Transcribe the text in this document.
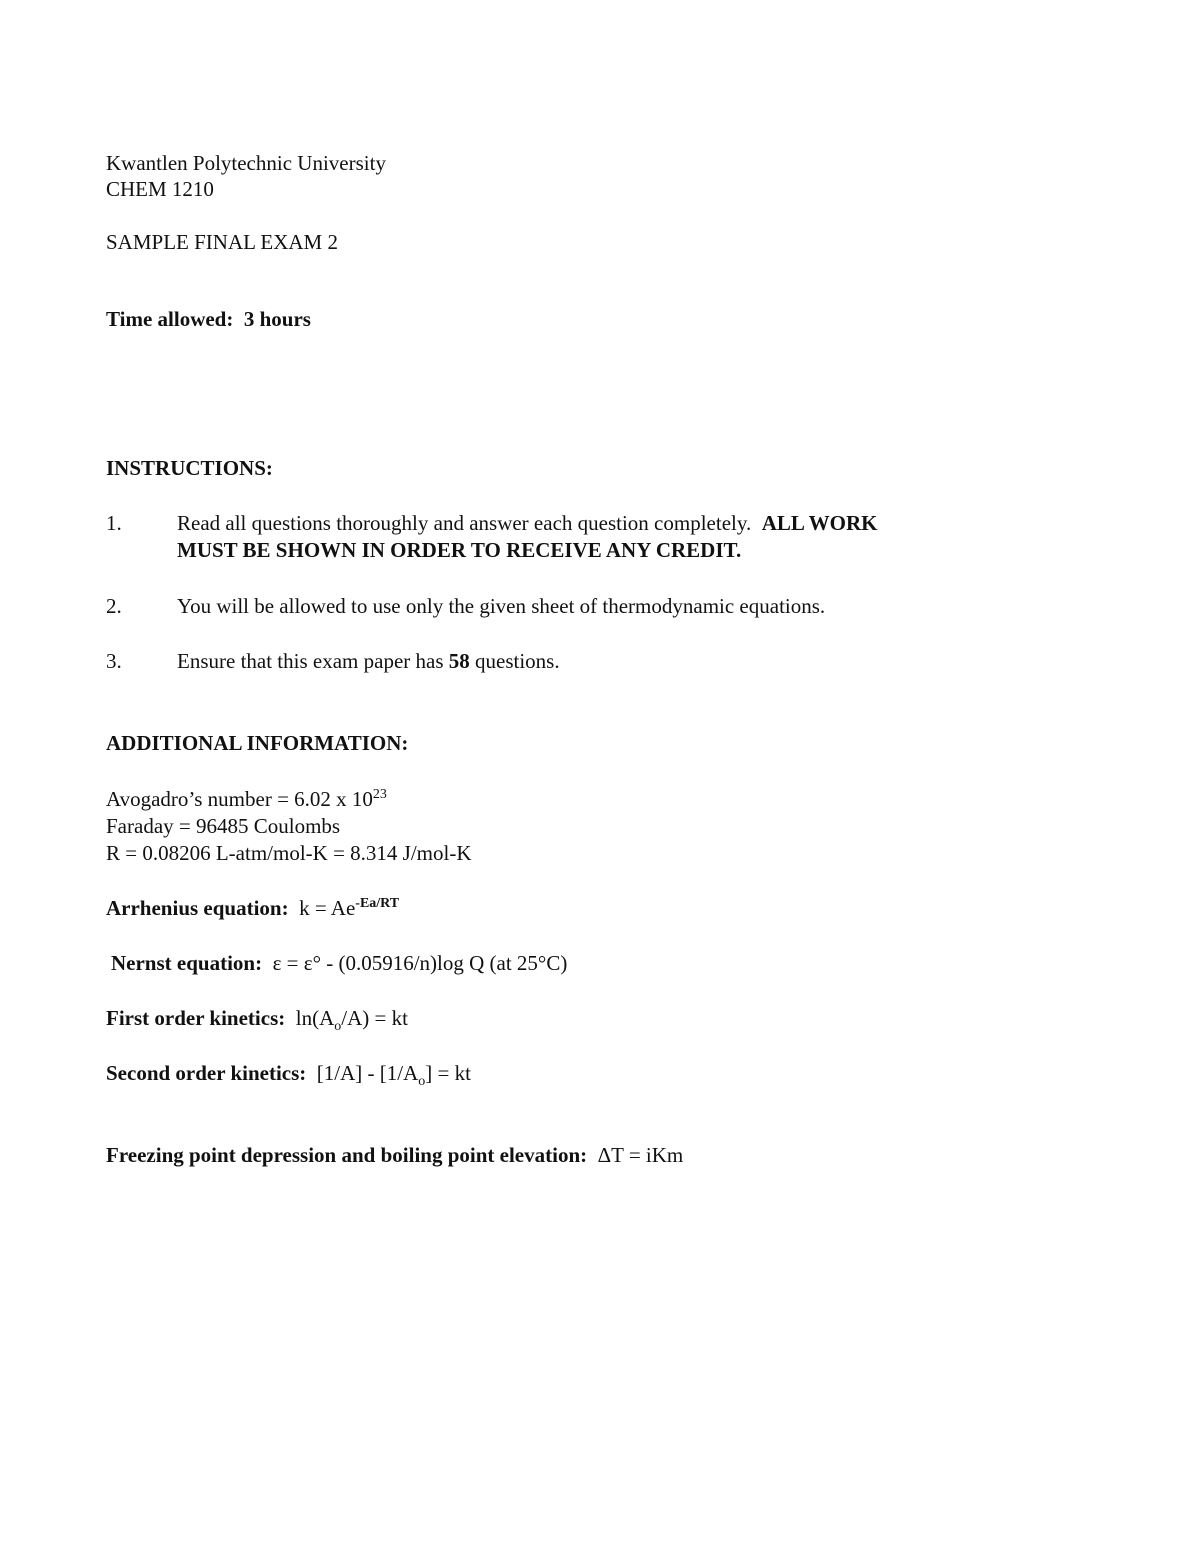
Kwantlen Polytechnic University
CHEM 1210
SAMPLE FINAL EXAM 2
Time allowed: 3 hours
INSTRUCTIONS:
1.	Read all questions thoroughly and answer each question completely. ALL WORK
MUST BE SHOWN IN ORDER TO RECEIVE ANY CREDIT.
2.	You will be allowed to use only the given sheet of thermodynamic equations.
3.	Ensure that this exam paper has 58 questions.
ADDITIONAL INFORMATION:
Avogadro’s number = 6.02 x $10^{23}$
Faraday = 96485 Coulombs
R = 0.08206 L-atm/mol-K = 8.314 J/mol-K
Arrhenius equation: $k = Ae^{-Ea/RT}$
Nernst equation: ε = ε° - (0.05916/n)log Q (at 25°C)
First order kinetics: $\ln(A_o/A)$ = kt
Second order kinetics: $[1/A] - [1/A_o]$ = kt
Freezing point depression and boiling point elevation: ΔT = iKm
